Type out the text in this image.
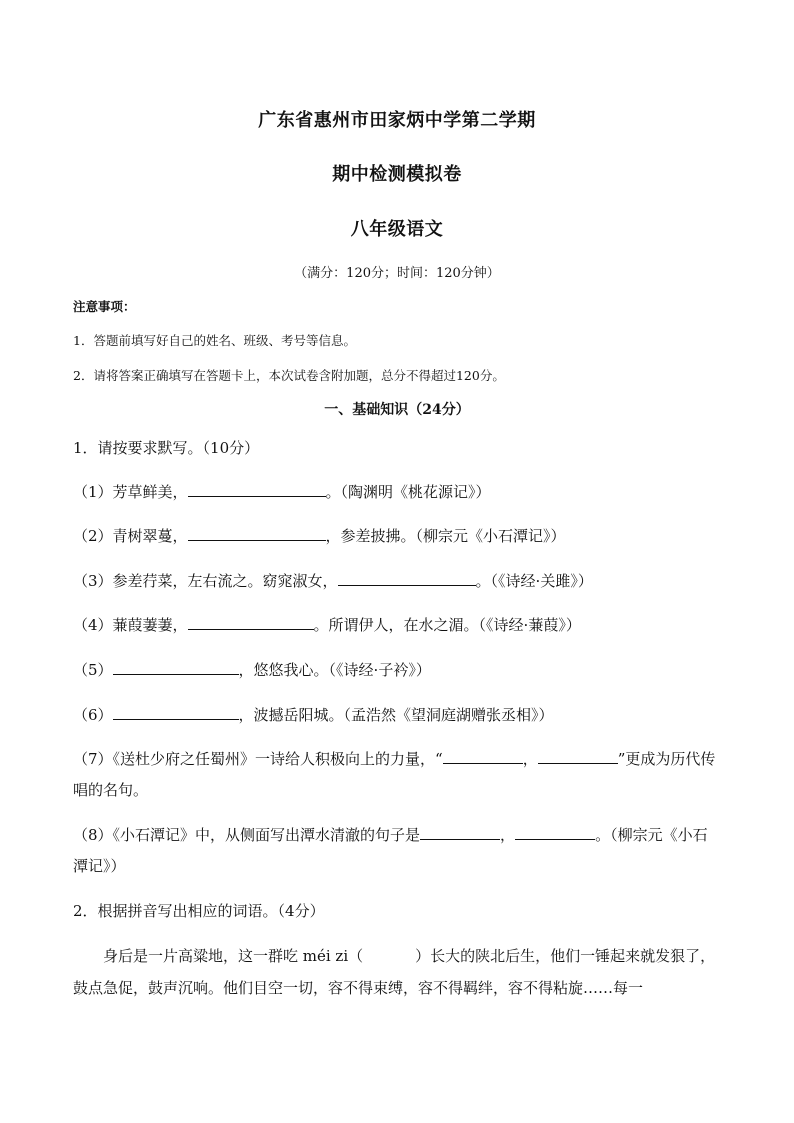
广东省惠州市田家炳中学第二学期
期中检测模拟卷
八年级语文
（满分：120分；时间：120分钟）
注意事项：
1．答题前填写好自己的姓名、班级、考号等信息。
2．请将答案正确填写在答题卡上，本次试卷含附加题，总分不得超过120分。
一、基础知识（24分）
1．请按要求默写。（10分）
（1）芳草鲜美，	。（陶渊明《桃花源记》）
（2）青树翠蔓，	，参差披拂。（柳宗元《小石潭记》）
（3）参差荇菜，左右流之。窈窕淑女，	。（《诗经·关雎》）
（4）蒹葭萋萋，	。所谓伊人，在水之湄。（《诗经·蒹葭》）
（5）	，悠悠我心。（《诗经·子衿》）
（6）	，波撼岳阳城。（孟浩然《望洞庭湖赠张丞相》）
（7）《送杜少府之任蜀州》一诗给人积极向上的力量，“	，	”更成为历代传唱的名句。
（8）《小石潭记》中，从侧面写出潭水清澈的句子是	，	。（柳宗元《小石潭记》）
2．根据拼音写出相应的词语。（4分）
身后是一片高粱地，这一群吃 méi zi（	）长大的陕北后生，他们一锤起来就发狠了，鼓点急促，鼓声沉响。他们目空一切，容不得束缚，容不得羁绊，容不得粘旋……每一
